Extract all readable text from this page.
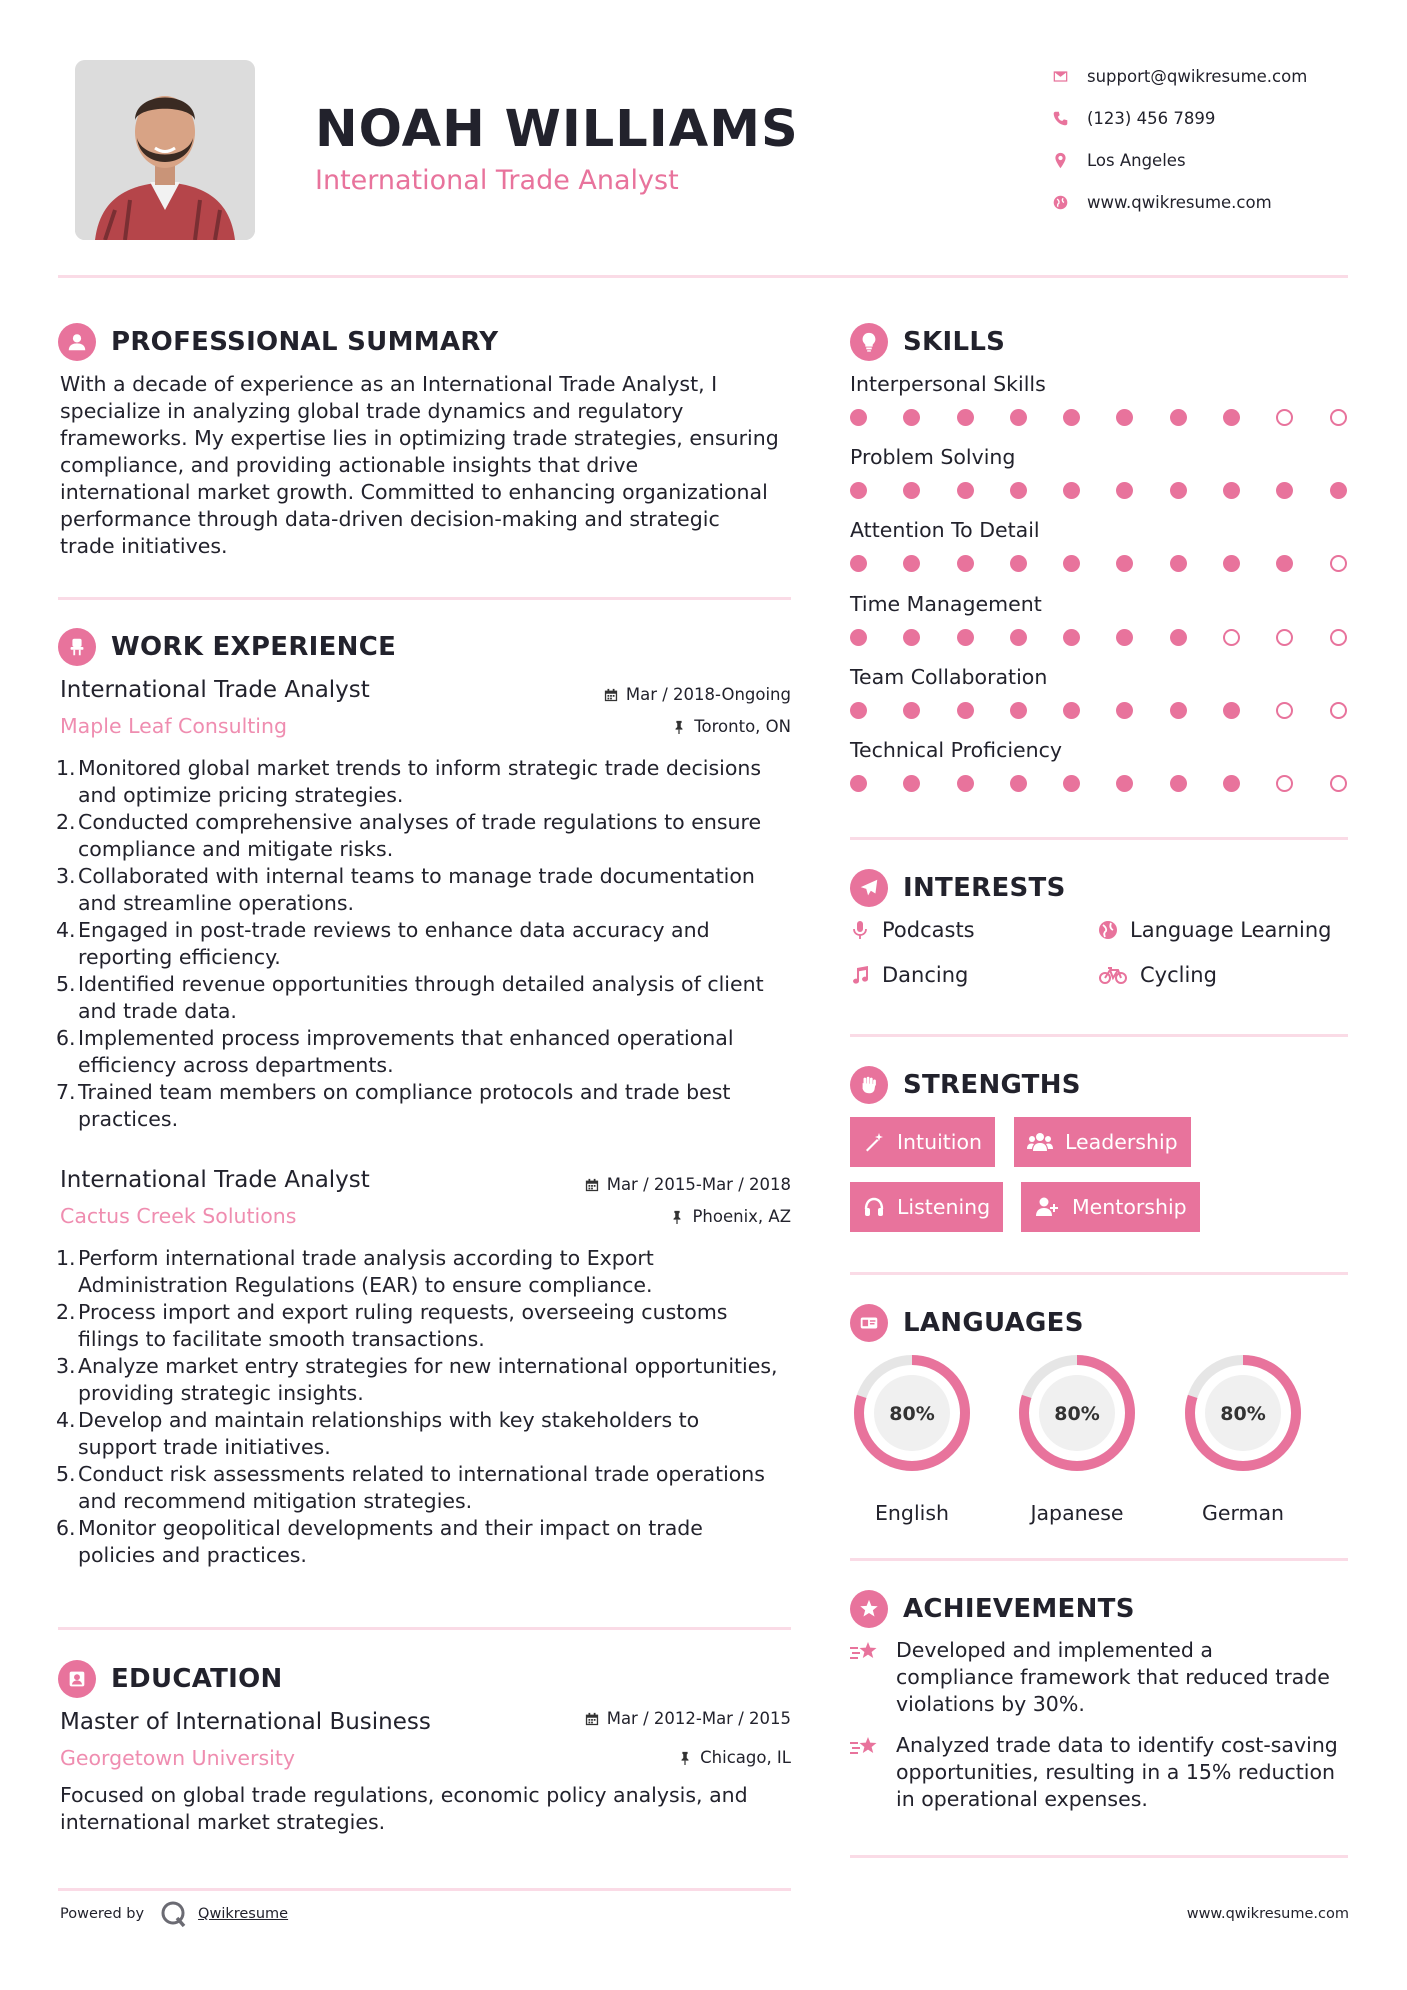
NOAH WILLIAMS
International Trade Analyst
support@qwikresume.com
(123) 456 7899
Los Angeles
www.qwikresume.com
PROFESSIONAL SUMMARY
With a decade of experience as an International Trade Analyst, I
specialize in analyzing global trade dynamics and regulatory
frameworks. My expertise lies in optimizing trade strategies, ensuring
compliance, and providing actionable insights that drive
international market growth. Committed to enhancing organizational
performance through data-driven decision-making and strategic
trade initiatives.
WORK EXPERIENCE
International Trade Analyst
Maple Leaf Consulting
Mar / 2018-Ongoing
Toronto, ON
1. Monitored global market trends to inform strategic trade decisions
and optimize pricing strategies.
2. Conducted comprehensive analyses of trade regulations to ensure
compliance and mitigate risks.
3. Collaborated with internal teams to manage trade documentation
and streamline operations.
4. Engaged in post-trade reviews to enhance data accuracy and
reporting efficiency.
5. Identified revenue opportunities through detailed analysis of client
and trade data.
6. Implemented process improvements that enhanced operational
efficiency across departments.
7. Trained team members on compliance protocols and trade best
practices.
International Trade Analyst
Cactus Creek Solutions
Mar / 2015-Mar / 2018
Phoenix, AZ
1. Perform international trade analysis according to Export
Administration Regulations (EAR) to ensure compliance.
2. Process import and export ruling requests, overseeing customs
filings to facilitate smooth transactions.
3. Analyze market entry strategies for new international opportunities,
providing strategic insights.
4. Develop and maintain relationships with key stakeholders to
support trade initiatives.
5. Conduct risk assessments related to international trade operations
and recommend mitigation strategies.
6. Monitor geopolitical developments and their impact on trade
policies and practices.
EDUCATION
Master of International Business
Georgetown University
Mar / 2012-Mar / 2015
Chicago, IL
Focused on global trade regulations, economic policy analysis, and
international market strategies.
SKILLS
Interpersonal Skills
Problem Solving
Attention To Detail
Time Management
Team Collaboration
Technical Proficiency
INTERESTS
Podcasts	Language Learning
Dancing	Cycling
STRENGTHS
Intuition	Leadership
Listening	Mentorship
LANGUAGES
80%
English
80%
Japanese
80%
German
ACHIEVEMENTS
Developed and implemented a
compliance framework that reduced trade
violations by 30%.
Analyzed trade data to identify cost-saving
opportunities, resulting in a 15% reduction
in operational expenses.
Powered by	Qwikresume	www.qwikresume.com
